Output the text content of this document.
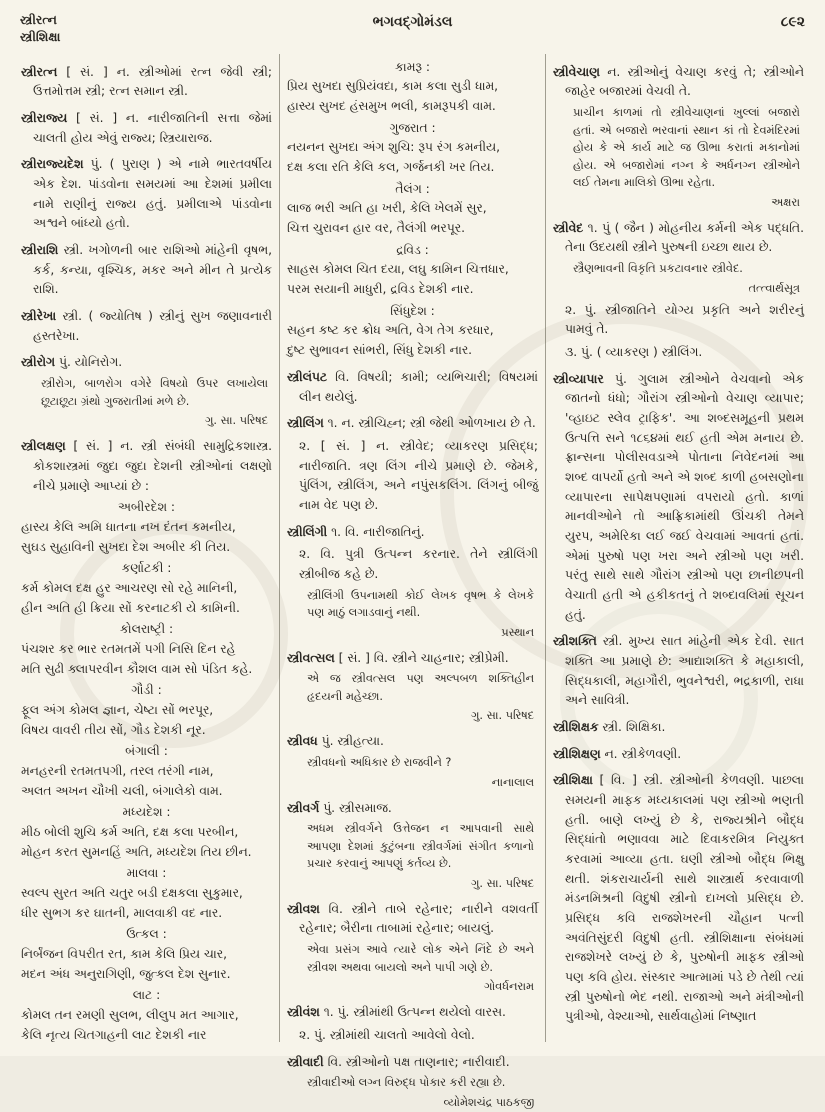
સ્ત્રીરત્ન
સ્ત્રીશિક્ષા
ભગવદ્ગોમંડલ	૮૯૨

સ્ત્રીરત્ન [ સં. ] ન. સ્ત્રીઓમાં રત્ન જેવી સ્ત્રી; ઉત્તમોત્તમ સ્ત્રી; રત્ન સમાન સ્ત્રી.

સ્ત્રીરાજ્ય [ સં. ] ન. નારીજાતિની સત્તા જેમાં ચાલતી હોય એવું રાજ્ય; સ્ત્રિયારાજ.

સ્ત્રીરાજ્યદેશ પું. ( પુરાણ ) એ નામે ભારતવર્ષીય એક દેશ. પાંડવોના સમયમાં આ દેશમાં પ્રમીલા નામે રાણીનું રાજ્ય હતું. પ્રમીલાએ પાંડવોના અશ્વને બાંધ્યો હતો.

સ્ત્રીરાશિ સ્ત્રી. ખગોળની બાર રાશિઓ માંહેની વૃષભ, કર્ક, કન્યા, વૃશ્ચિક, મકર અને મીન તે પ્રત્યેક રાશિ.

સ્ત્રીરેખા સ્ત્રી. ( જ્યોતિષ ) સ્ત્રીનું સુખ જણાવનારી હસ્તરેખા.

સ્ત્રીરોગ પું. યોનિરોગ.

સ્ત્રીરોગ, બાળરોગ વગેરે વિષયો ઉપર લખાયેલા છૂટાછૂટા ગ્રંથો ગુજરાતીમાં મળે છે.

ગુ. સા. પરિષદ

સ્ત્રીલક્ષણ [ સં. ] ન. સ્ત્રી સંબંધી સામુદ્રિકશાસ્ત્ર. કોકશાસ્ત્રમાં જુદા જુદા દેશની સ્ત્રીઓનાં લક્ષણો નીચે પ્રમાણે આપ્યાં છે :

અબીરદેશ :

હાસ્ય કેલિ અમિ ધાતના નખ દંતન કમનીય,

સુઘડ સુહાવિની સુખદા દેશ અબીર કી તિય.

કર્ણાટકી :

કર્મ કોમલ દક્ષ હુર આચરણ સો રહે માનિની,

હીન અતિ હી ક્રિયા સોં કરનાટકી યે કામિની.

કોલરાષ્ટ્રી :

પંચશર કર ભાર રતમતમેં પગી નિસિ દિન રહે

મતિ સુઢી ક્લાપરવીન કૌશલ વામ સો પંડિત કહે.

ગૌડી :

ફૂલ અંગ કોમલ જ્ઞાન, ચેષ્ટા સોં ભરપૂર,

વિષય વાવરી તીય સોં, ગૌડ દેશકી નૂર.

બંગાલી :

મનહરની રતમતપગી, તરલ તરંગી નામ,

અલત અખન ચૌખી ચલી, બંગાલેકો વામ.

મધ્યદેશ :

મીઠ બોલી શુચિ કર્મ અતિ, દક્ષ કલા પરબીન,

મોહન કરત સુમનહિં અતિ, મધ્યદેશ તિય છીન.

માલવા :

સ્વલ્પ સુરત અતિ ચતુર બડી દક્ષકલા સુકુમાર,

ધીર સુભગ કર ઘાતની, માલવાકી વદ નાર.

ઉત્કલ :

નિર્બંજન વિપરીત રત, કામ કેલિ પ્રિય ચાર,

મદન અંધ અનુરાગિણી, જુત્કલ દેશ સુનાર.

લાટ :

કોમલ તન રમણી સુલભ, લીલુપ મત આગાર,

કેલિ નૃત્ય ચિતગાહની લાટ દેશકી નાર

કામરૂ :

પ્રિય સુખદા સુપ્રિયંવદા, કામ કલા સુડી ધામ,

હાસ્ય સુખદ હંસમુખ ભલી, કામરૂપકી વામ.

ગુજરાત :

નયનન સુખદા અંગ શુચિ: રૂપ રંગ કમનીય,

દક્ષ કલા રતિ કેલિ કલ, ગર્જનકી ખર તિય.

તૈલંગ :

લાજ ભરી અતિ હા ખરી, કેલિ ખેલમેં સુર,

ચિત્ત ચુરાવન હાર વર, તૈલંગી ભરપૂર.

દ્રવિડ :

સાહસ કોમલ ચિત દયા, લઘુ કામિન ચિત્તધાર,

પરમ સયાની માધુરી, દ્રવિડ દેશકી નાર.

સિંધુદેશ :

સહન કષ્ટ કર ક્રોધ અતિ, વેગ તેગ કરધાર,

દુષ્ટ સુભાવન સાંભરી, સિંધુ દેશકી નાર.

સ્ત્રીલંપટ વિ. વિષયી; કામી; વ્યભિચારી; વિષયમાં લીન થયેલું.

સ્ત્રીલિંગ ૧. ન. સ્ત્રીચિહ્ન; સ્ત્રી જેથી ઓળખાય છે તે.

૨. [ સં. ] ન. સ્ત્રીવેદ; વ્યાકરણ પ્રસિદ્ધ; નારીજાતિ. ત્રણ લિંગ નીચે પ્રમાણે છે. જેમકે, પુંલિંગ, સ્ત્રીલિંગ, અને નપુંસકલિંગ. લિંગનું બીજું નામ વેદ પણ છે.

સ્ત્રીલિંગી ૧. વિ. નારીજાતિનું.

૨. વિ. પુત્રી ઉત્પન્ન કરનાર. તેને સ્ત્રીલિંગી સ્ત્રીબીજ કહે છે.

સ્ત્રીલિંગી ઉપનામથી કોઈ લેખક વૃષભ કે લેખકે પણ માઠું લગાડવાનું નથી.

પ્રસ્થાન

સ્ત્રીવત્સલ [ સં. ] વિ. સ્ત્રીને ચાહનાર; સ્ત્રીપ્રેમી.

એ જ સ્ત્રીવત્સલ પણ અલ્પબળ શક્તિહીન હૃદયની મહેચ્છા.

ગુ. સા. પરિષદ

સ્ત્રીવધ પું. સ્ત્રીહત્યા.

સ્ત્રીવધનો અધિકાર છે રાજવીને ?

નાનાલાલ

સ્ત્રીવર્ગ પું. સ્ત્રીસમાજ.

અધમ સ્ત્રીવર્ગને ઉત્તેજન ન આપવાની સાથે આપણા દેશમાં કુટુંબના સ્ત્રીવર્ગમાં સંગીત કળાનો પ્રચાર કરવાનું આપણું કર્તવ્ય છે.

ગુ. સા. પરિષદ

સ્ત્રીવશ વિ. સ્ત્રીને તાબે રહેનાર; નારીને વશવર્તી રહેનાર; બૈરીના તાબામાં રહેનાર; બાયલું.

એવા પ્રસંગ આવે ત્યારે લોક એને નિંદે છે અને સ્ત્રીવશ અથવા બાયલો અને પાપી ગણે છે.

ગોવર્ધનરામ

સ્ત્રીવંશ ૧. પું. સ્ત્રીમાંથી ઉત્પન્ન થયેલો વારસ.

૨. પું. સ્ત્રીમાંથી ચાલતો આવેલો વેલો.

સ્ત્રીવાદી વિ. સ્ત્રીઓનો પક્ષ તાણનાર; નારીવાદી.

સ્ત્રીવાદીઓ લગ્ન વિરુદ્ધ પોકાર કરી રહ્યા છે.

વ્યોમેશચંદ્ર પાઠકજી

સ્ત્રીવેચાણ ન. સ્ત્રીઓનું વેચાણ કરવું તે; સ્ત્રીઓને જાહેર બજારમાં વેચવી તે.

પ્રાચીન કાળમાં તો સ્ત્રીવેચાણનાં ખુલ્લાં બજારો હતાં. એ બજારો ભરવાનાં સ્થાન કાં તો દેવમંદિરમાં હોય કે એ કાર્ય માટે જ ઊભા કરાતાં મકાનોમાં હોય. એ બજારોમાં નગ્ન કે અર્ધનગ્ન સ્ત્રીઓને લઈ તેમના માલિકો ઊભા રહેતા.

અક્ષરા

સ્ત્રીવેદ ૧. પું ( જૈન ) મોહનીય કર્મની એક પદ્ધતિ. તેના ઉદયથી સ્ત્રીને પુરુષની ઇચ્છા થાય છે.

સ્ત્રૈણભાવની વિકૃતિ પ્રકટાવનાર સ્ત્રીવેદ.

તત્ત્વાર્થસૂત્ર

૨. પું. સ્ત્રીજાતિને યોગ્ય પ્રકૃતિ અને શરીરનું પામવું તે.

૩. પું. ( વ્યાકરણ ) સ્ત્રીલિંગ.

સ્ત્રીવ્યાપાર પું. ગુલામ સ્ત્રીઓને વેચવાનો એક જાતનો ધંધો; ગૌરાંગ સ્ત્રીઓનો વેચાણ વ્યાપાર; 'વ્હાઇટ સ્લેવ ટ્રાફિક'. આ શબ્દસમૂહની પ્રથમ ઉત્પત્તિ સને ૧૮૬૪માં થઈ હતી એમ મનાય છે. ફ્રાન્સના પોલીસવડાએ પોતાના નિવેદનમાં આ શબ્દ વાપર્યો હતો અને એ શબ્દ કાળી હબસણોના વ્યાપારના સાપેક્ષપણામાં વપરાયો હતો. કાળાં માનવીઓને તો આફ્રિકામાંથી ઊંચકી તેમને યુરપ, અમેરિકા લઈ જઈ વેચવામાં આવતાં હતાં. એમાં પુરુષો પણ ખરા અને સ્ત્રીઓ પણ ખરી. પરંતુ સાથે સાથે ગૌરાંગ સ્ત્રીઓ પણ છાનીછપની વેચાતી હતી એ હકીકતનું તે શબ્દાવલિમાં સૂચન હતું.

સ્ત્રીશક્તિ સ્ત્રી. મુખ્ય સાત માંહેની એક દેવી. સાત શક્તિ આ પ્રમાણે છે: આદ્યાશક્તિ કે મહાકાલી, સિદ્ધકાલી, મહાગૌરી, ભુવનેશ્વરી, ભદ્રકાળી, રાધા અને સાવિત્રી.

સ્ત્રીશિક્ષક સ્ત્રી. શિક્ષિકા.

સ્ત્રીશિક્ષણ ન. સ્ત્રીકેળવણી.

સ્ત્રીશિક્ષા [ વિ. ] સ્ત્રી. સ્ત્રીઓની કેળવણી. પાછલા સમયની માફક મધ્યકાલમાં પણ સ્ત્રીઓ ભણતી હતી. બાણે લખ્યું છે કે, રાજ્યશ્રીને બૌદ્ધ સિદ્ધાંતો ભણાવવા માટે દિવાકરમિત્ર નિયુક્ત કરવામાં આવ્યા હતા. ઘણી સ્ત્રીઓ બૌદ્ધ ભિક્ષુ થતી. શંકરાચાર્યની સાથે શાસ્ત્રાર્થ કરવાવાળી મંડનમિશ્રની વિદુષી સ્ત્રીનો દાખલો પ્રસિદ્ધ છે. પ્રસિદ્ધ કવિ રાજશેખરની ચૌહાન પત્ની અવંતિસુંદરી વિદુષી હતી. સ્ત્રીશિક્ષાના સંબંધમાં રાજશેખરે લખ્યું છે કે, પુરુષોની માફક સ્ત્રીઓ પણ કવિ હોય. સંસ્કાર આત્મામાં પડે છે તેથી ત્યાં સ્ત્રી પુરુષોનો ભેદ નથી. રાજાઓ અને મંત્રીઓની પુત્રીઓ, વેશ્યાઓ, સાર્થવાહોમાં નિષ્ણાત
